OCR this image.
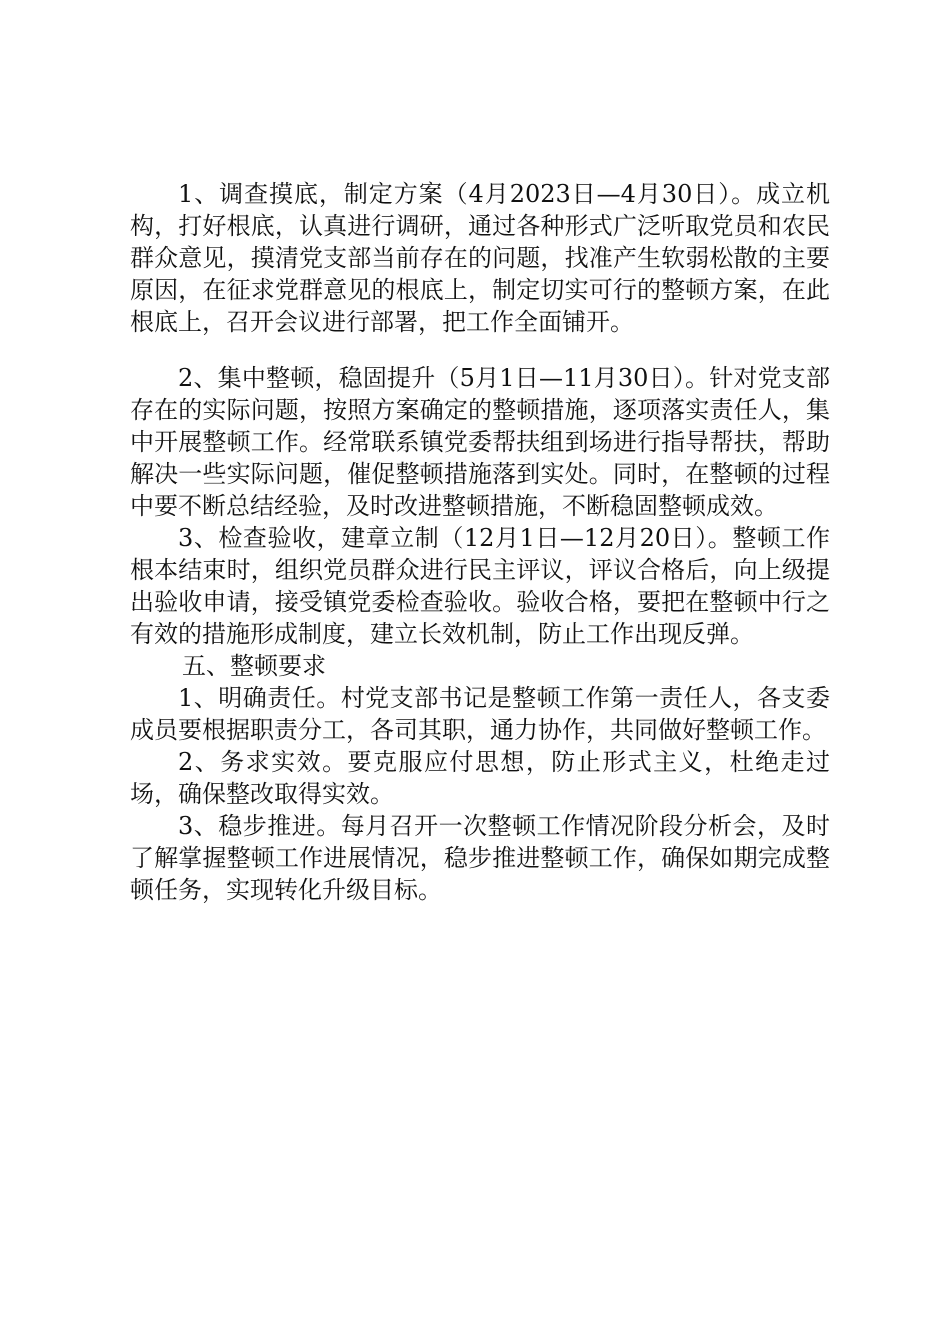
1、调查摸底，制定方案（4月2023日—4月30日）。成立机构，打好根底，认真进行调研，通过各种形式广泛听取党员和农民群众意见，摸清党支部当前存在的问题，找准产生软弱松散的主要原因，在征求党群意见的根底上，制定切实可行的整顿方案，在此根底上，召开会议进行部署，把工作全面铺开。

2、集中整顿，稳固提升（5月1日—11月30日）。针对党支部存在的实际问题，按照方案确定的整顿措施，逐项落实责任人，集中开展整顿工作。经常联系镇党委帮扶组到场进行指导帮扶，帮助解决一些实际问题，催促整顿措施落到实处。同时，在整顿的过程中要不断总结经验，及时改进整顿措施，不断稳固整顿成效。

3、检查验收，建章立制（12月1日—12月20日）。整顿工作根本结束时，组织党员群众进行民主评议，评议合格后，向上级提出验收申请，接受镇党委检查验收。验收合格，要把在整顿中行之有效的措施形成制度，建立长效机制，防止工作出现反弹。

五、整顿要求

1、明确责任。村党支部书记是整顿工作第一责任人，各支委成员要根据职责分工，各司其职，通力协作，共同做好整顿工作。

2、务求实效。要克服应付思想，防止形式主义，杜绝走过场，确保整改取得实效。

3、稳步推进。每月召开一次整顿工作情况阶段分析会，及时了解掌握整顿工作进展情况，稳步推进整顿工作，确保如期完成整顿任务，实现转化升级目标。
